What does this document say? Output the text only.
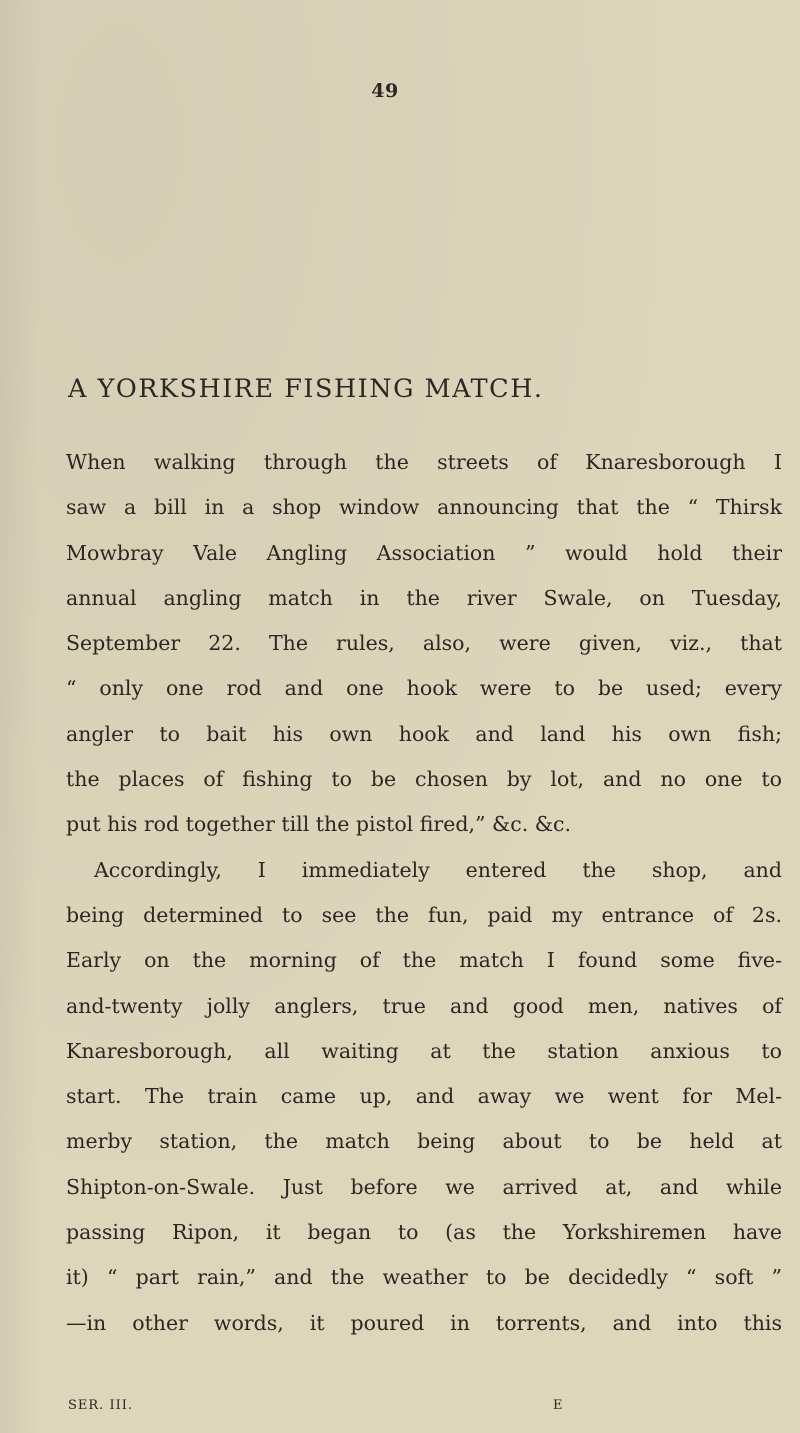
49
A YORKSHIRE FISHING MATCH.
When walking through the streets of Knaresborough I
saw a bill in a shop window announcing that the “ Thirsk
Mowbray Vale Angling Association ” would hold their
annual angling match in the river Swale, on Tuesday,
September 22. The rules, also, were given, viz., that
“ only one rod and one hook were to be used; every
angler to bait his own hook and land his own fish;
the places of fishing to be chosen by lot, and no one to
put his rod together till the pistol fired,” &c. &c.
Accordingly, I immediately entered the shop, and
being determined to see the fun, paid my entrance of 2s.
Early on the morning of the match I found some five-
and-twenty jolly anglers, true and good men, natives of
Knaresborough, all waiting at the station anxious to
start. The train came up, and away we went for Mel-
merby station, the match being about to be held at
Shipton-on-Swale. Just before we arrived at, and while
passing Ripon, it began to (as the Yorkshiremen have
it) “ part rain,” and the weather to be decidedly “ soft ”
—in other words, it poured in torrents, and into this
SER. III.	E
